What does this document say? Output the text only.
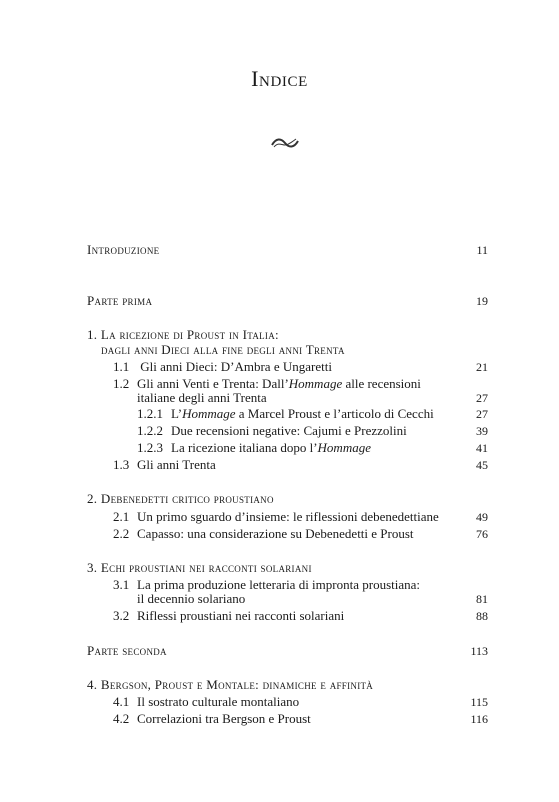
Indice
Introduzione	11
Parte prima	19
1. La ricezione di Proust in Italia:
dagli anni Dieci alla fine degli anni Trenta
1.1 Gli anni Dieci: D’Ambra e Ungaretti	21
1.2 Gli anni Venti e Trenta: Dall’Hommage alle recensioni
italiane degli anni Trenta	27
1.2.1 L’Hommage a Marcel Proust e l’articolo di Cecchi	27
1.2.2 Due recensioni negative: Cajumi e Prezzolini	39
1.2.3 La ricezione italiana dopo l’Hommage	41
1.3 Gli anni Trenta	45
2. Debenedetti critico proustiano
2.1 Un primo sguardo d’insieme: le riflessioni debenedettiane	49
2.2 Capasso: una considerazione su Debenedetti e Proust	76
3. Echi proustiani nei racconti solariani
3.1 La prima produzione letteraria di impronta proustiana:
il decennio solariano	81
3.2 Riflessi proustiani nei racconti solariani	88
Parte seconda	113
4. Bergson, Proust e Montale: dinamiche e affinità
4.1 Il sostrato culturale montaliano	115
4.2 Correlazioni tra Bergson e Proust	116
